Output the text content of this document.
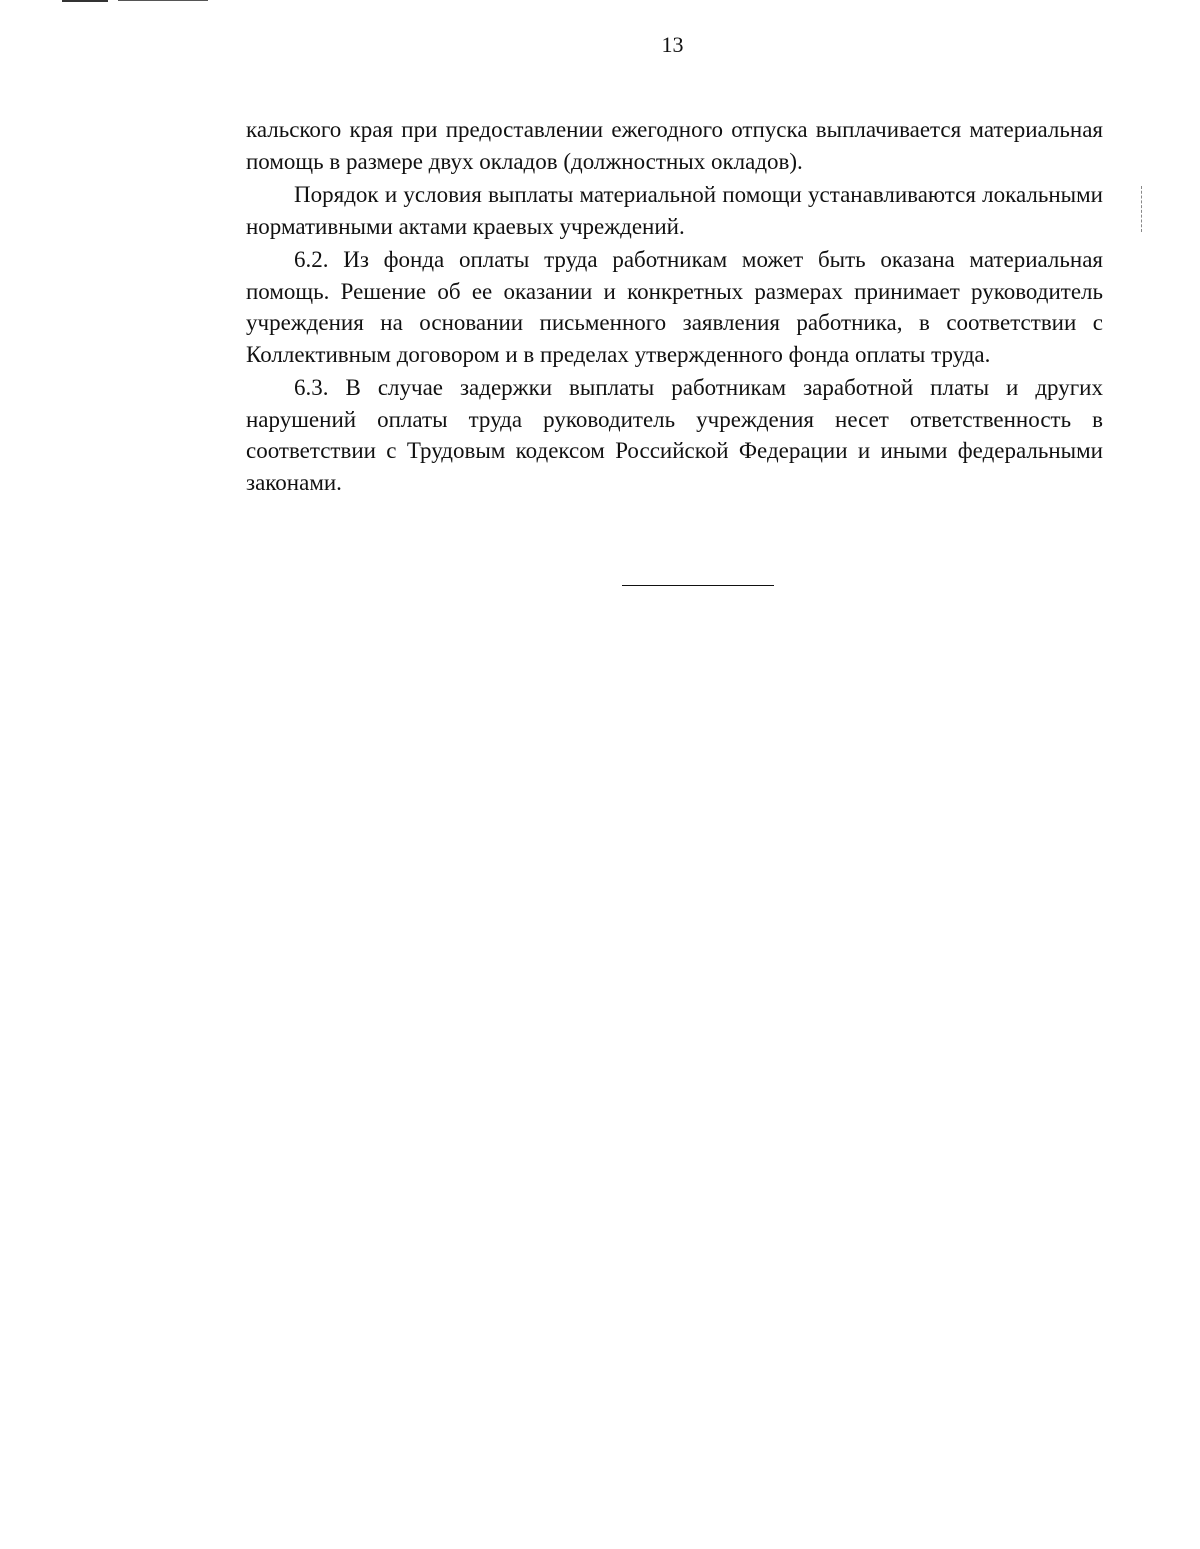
13

кальского края при предоставлении ежегодного отпуска выплачивается материальная помощь в размере двух окладов (должностных окладов).

Порядок и условия выплаты материальной помощи устанавливаются локальными нормативными актами краевых учреждений.

6.2. Из фонда оплаты труда работникам может быть оказана материальная помощь. Решение об ее оказании и конкретных размерах принимает руководитель учреждения на основании письменного заявления работника, в соответствии с Коллективным договором и в пределах утвержденного фонда оплаты труда.

6.3. В случае задержки выплаты работникам заработной платы и других нарушений оплаты труда руководитель учреждения несет ответственность в соответствии с Трудовым кодексом Российской Федерации и иными федеральными законами.
